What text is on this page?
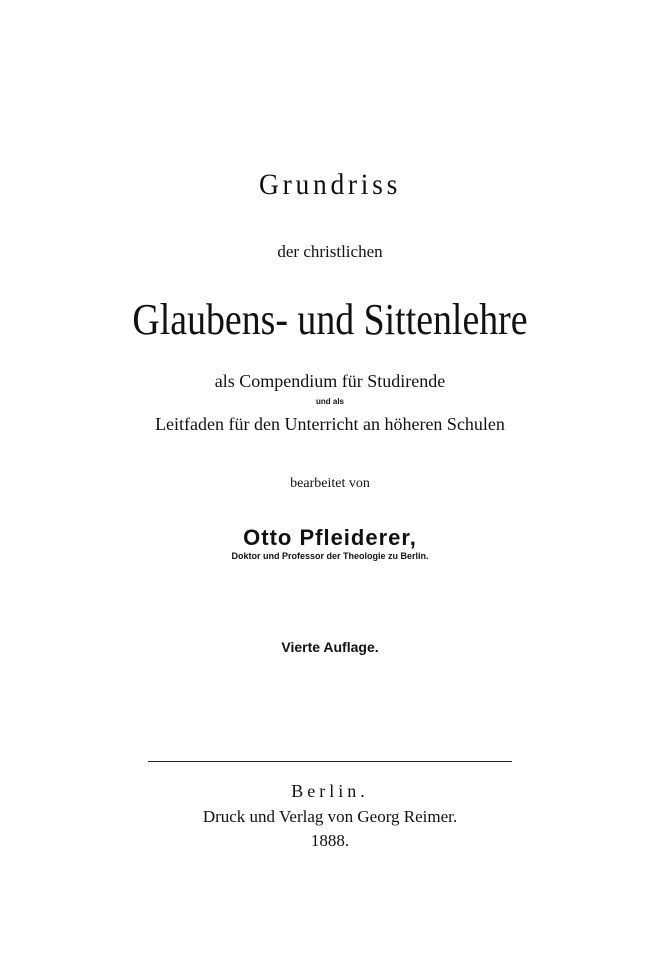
Grundriss
der christlichen
Glaubens- und Sittenlehre
als Compendium für Studirende
und als
Leitfaden für den Unterricht an höheren Schulen
bearbeitet von
Otto Pfleiderer,
Doktor und Professor der Theologie zu Berlin.
Vierte Auflage.
Berlin.
Druck und Verlag von Georg Reimer.
1888.
